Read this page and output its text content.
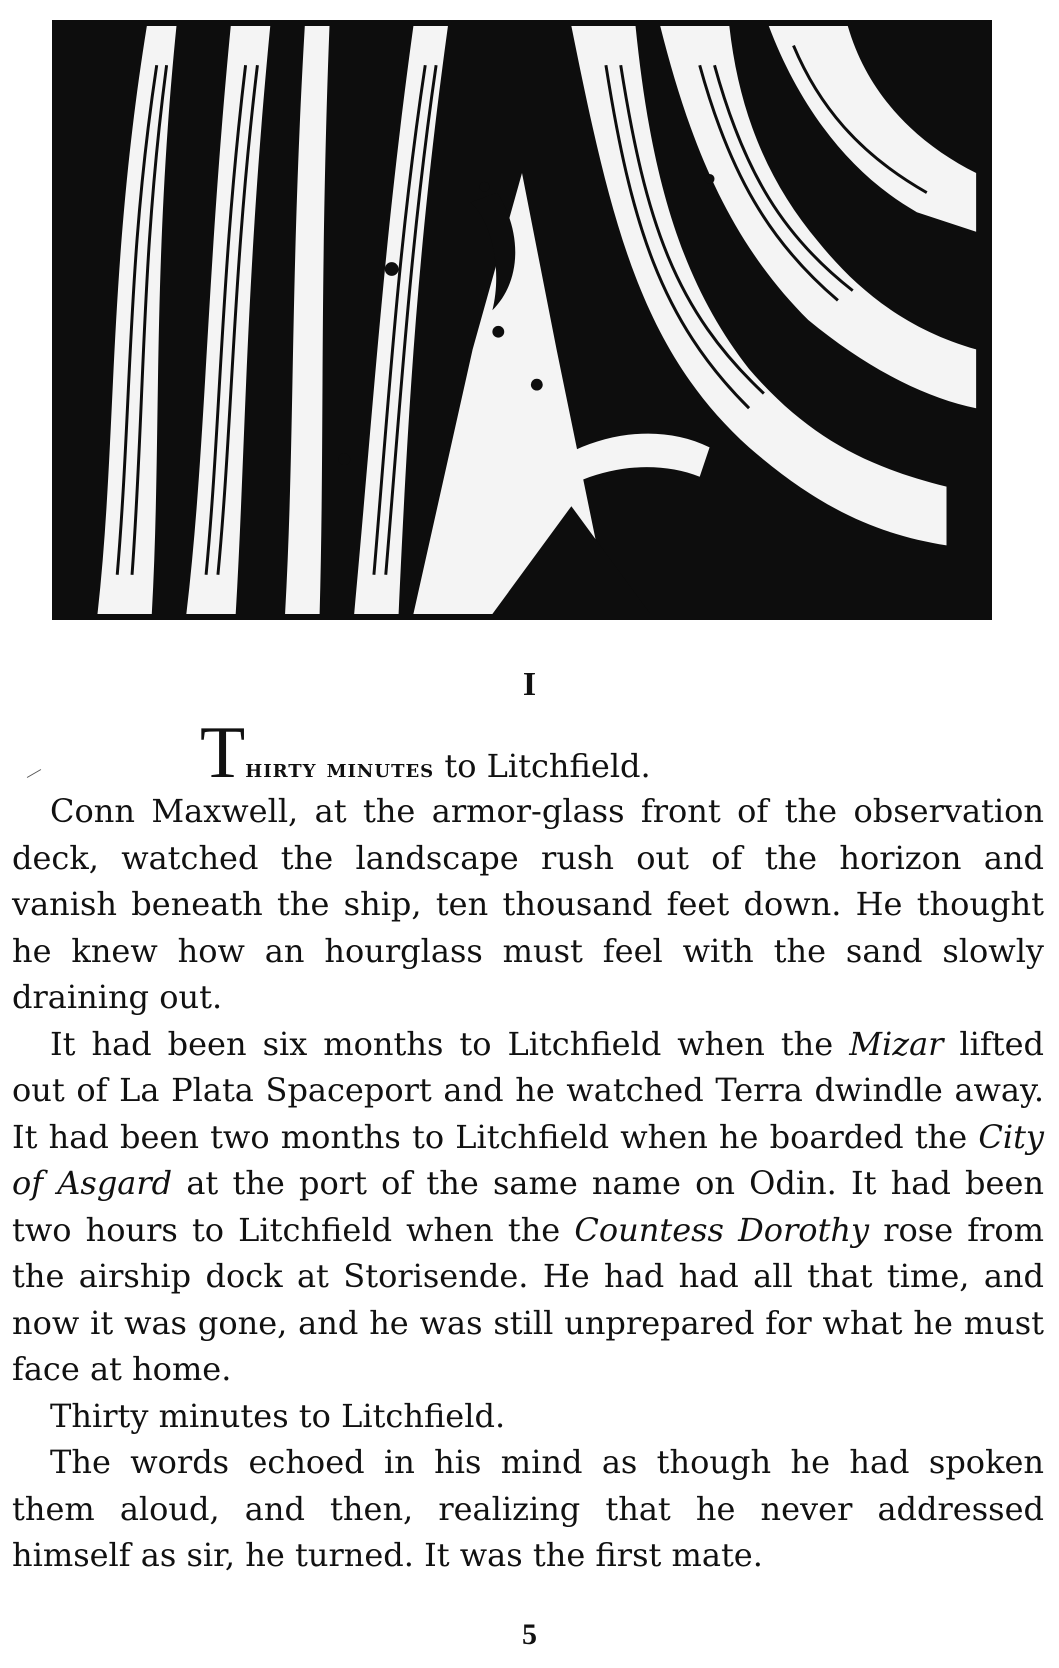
I
Thirty minutes to Litchfield.

Conn Maxwell, at the armor-glass front of the observation deck, watched the landscape rush out of the horizon and vanish beneath the ship, ten thousand feet down. He thought he knew how an hourglass must feel with the sand slowly draining out.

It had been six months to Litchfield when the Mizar lifted out of La Plata Spaceport and he watched Terra dwindle away. It had been two months to Litchfield when he boarded the City of Asgard at the port of the same name on Odin. It had been two hours to Litchfield when the Countess Dorothy rose from the airship dock at Storisende. He had had all that time, and now it was gone, and he was still unprepared for what he must face at home.

Thirty minutes to Litchfield.

The words echoed in his mind as though he had spoken them aloud, and then, realizing that he never addressed himself as sir, he turned. It was the first mate.

5
